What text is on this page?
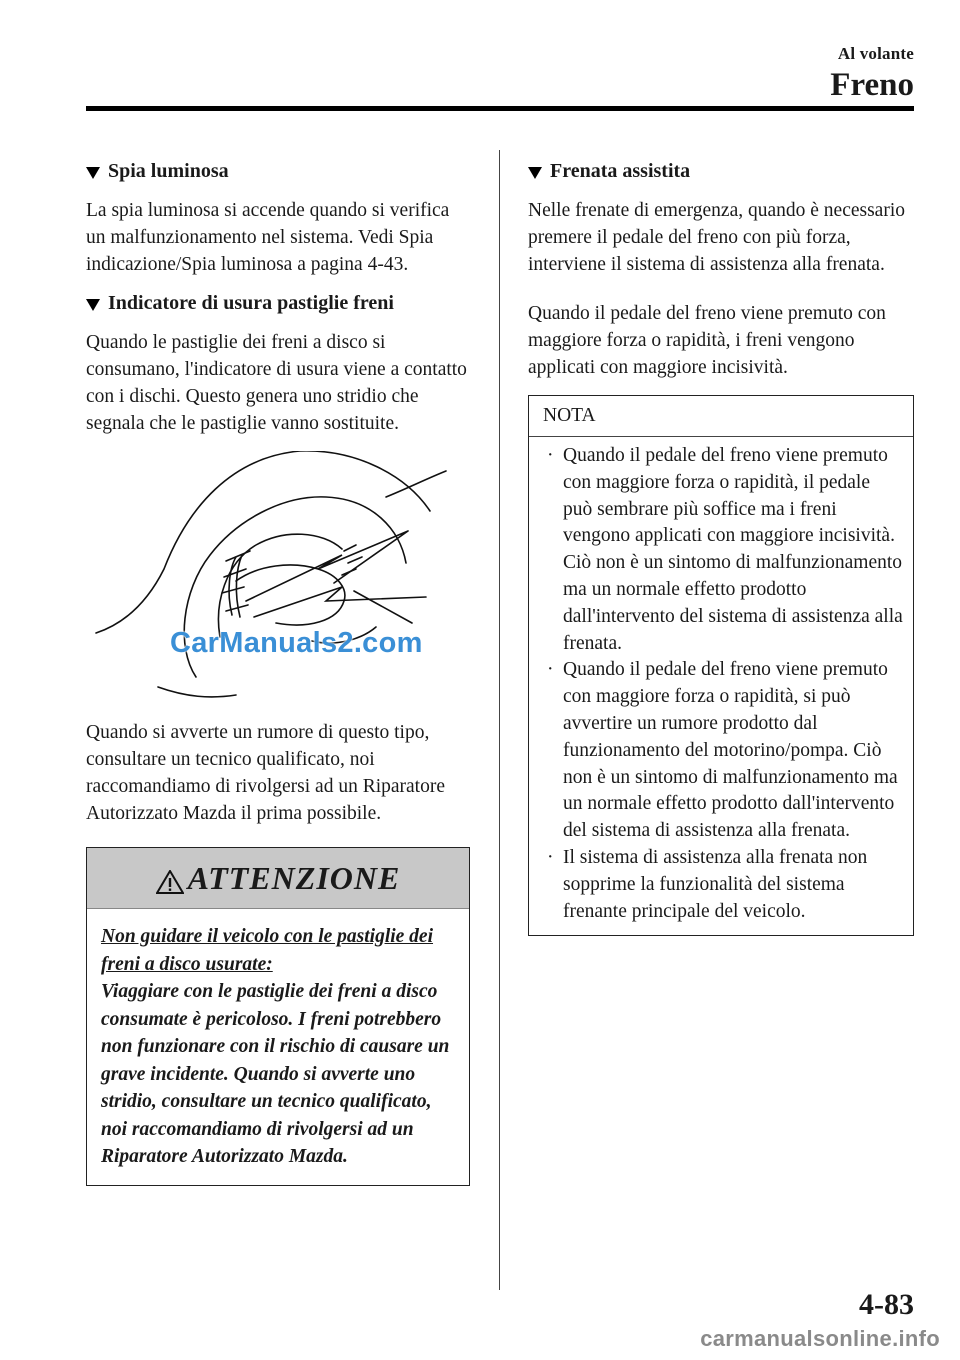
Al volante
Freno
Spia luminosa

La spia luminosa si accende quando si verifica un malfunzionamento nel sistema. Vedi Spia indicazione/Spia luminosa a pagina 4-43.

Indicatore di usura pastiglie freni

Quando le pastiglie dei freni a disco si consumano, l'indicatore di usura viene a contatto con i dischi. Questo genera uno stridio che segnala che le pastiglie vanno sostituite.

CarManuals2.com

Quando si avverte un rumore di questo tipo, consultare un tecnico qualificato, noi raccomandiamo di rivolgersi ad un Riparatore Autorizzato Mazda il prima possibile.

ATTENZIONE
Non guidare il veicolo con le pastiglie dei freni a disco usurate:
Viaggiare con le pastiglie dei freni a disco consumate è pericoloso. I freni potrebbero non funzionare con il rischio di causare un grave incidente. Quando si avverte uno stridio, consultare un tecnico qualificato, noi raccomandiamo di rivolgersi ad un Riparatore Autorizzato Mazda.
Frenata assistita

Nelle frenate di emergenza, quando è necessario premere il pedale del freno con più forza, interviene il sistema di assistenza alla frenata.

Quando il pedale del freno viene premuto con maggiore forza o rapidità, i freni vengono applicati con maggiore incisività.

NOTA
· Quando il pedale del freno viene premuto con maggiore forza o rapidità, il pedale può sembrare più soffice ma i freni vengono applicati con maggiore incisività. Ciò non è un sintomo di malfunzionamento ma un normale effetto prodotto dall'intervento del sistema di assistenza alla frenata.
· Quando il pedale del freno viene premuto con maggiore forza o rapidità, si può avvertire un rumore prodotto dal funzionamento del motorino/pompa. Ciò non è un sintomo di malfunzionamento ma un normale effetto prodotto dall'intervento del sistema di assistenza alla frenata.
· Il sistema di assistenza alla frenata non sopprime la funzionalità del sistema frenante principale del veicolo.
4-83
carmanualsonline.info
